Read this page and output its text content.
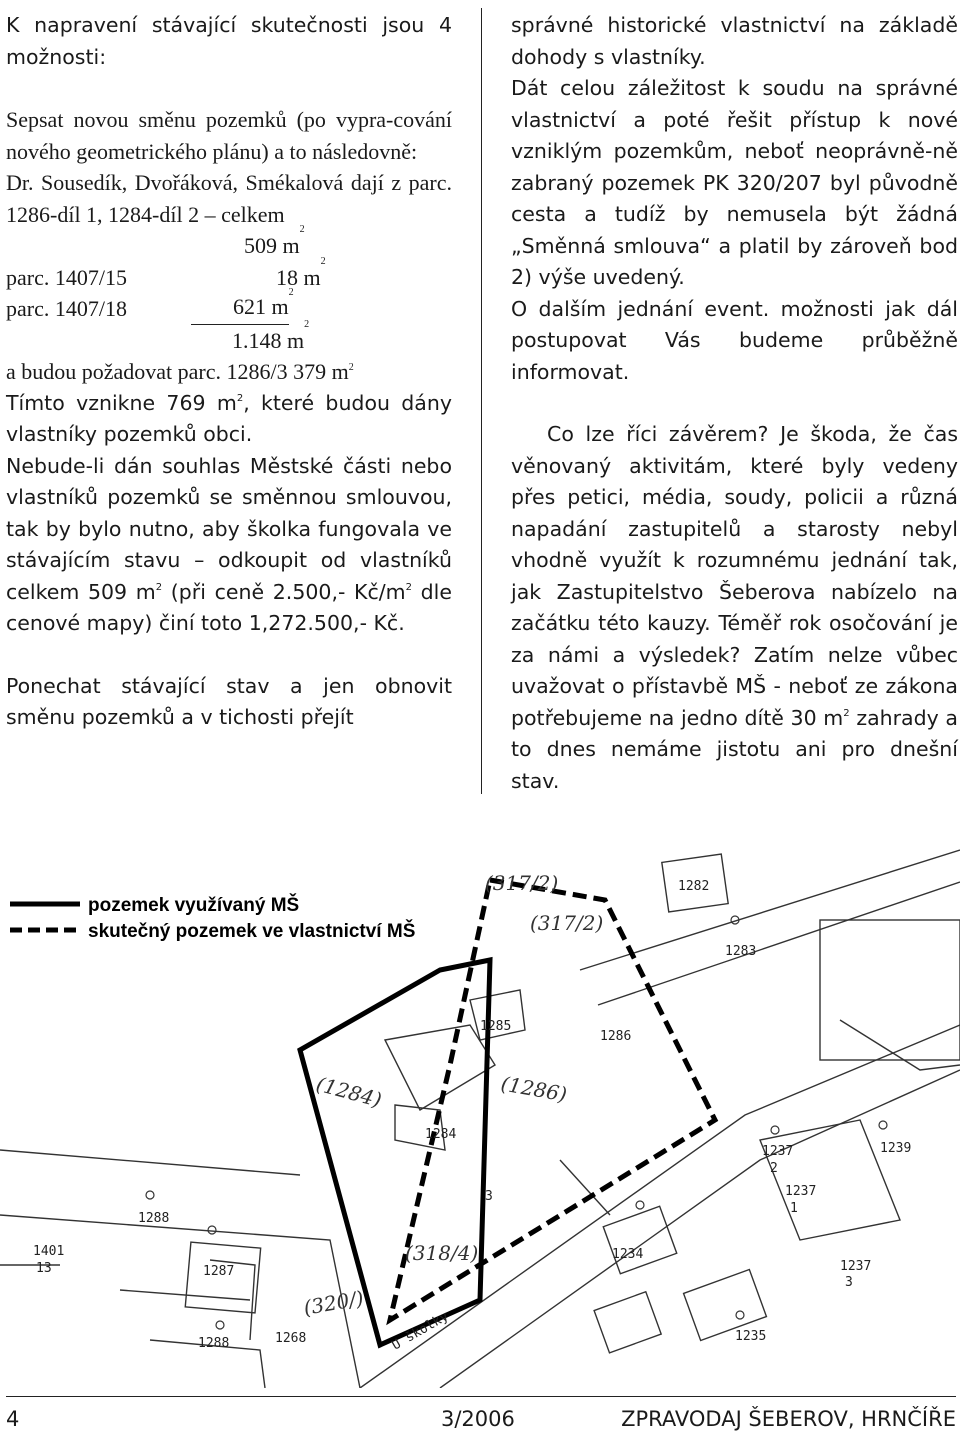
K napravení stávající skutečnosti jsou 4 možnosti:

Sepsat novou směnu pozemků (po vypra-cování nového geometrického plánu) a to následovně:

Dr. Sousedík, Dvořáková, Smékalová dají z parc. 1286-díl 1, 1284-díl 2 – celkem

509 m
2
parc. 1407/15	18 m
2
parc. 1407/18	621 m
2
1.148 m
2

a budou požadovat parc. 1286/3 379 $m^2$

Tímto vznikne 769 $m^2$, které budou dány vlastníky pozemků obci.

Nebude-li dán souhlas Městské části nebo vlastníků pozemků se směnnou smlouvou, tak by bylo nutno, aby školka fungovala ve stávajícím stavu – odkoupit od vlastníků celkem 509 $m^2$ (při ceně 2.500,- $Kč/m^2$ dle cenové mapy) činí toto 1,272.500,- Kč.

Ponechat stávající stav a jen obnovit směnu pozemků a v tichosti přejít

správné historické vlastnictví na základě dohody s vlastníky.

Dát celou záležitost k soudu na správné vlastnictví a poté řešit přístup k nové vzniklým pozemkům, neboť neoprávně-ně zabraný pozemek PK 320/207 byl původně cesta a tudíž by nemusela být žádná „Směnná smlouva“ a platil by zároveň bod 2) výše uvedený.

O dalším jednání event. možnosti jak dál postupovat Vás budeme průběžně informovat.

Co lze říci závěrem? Je škoda, že čas věnovaný aktivitám, které byly vedeny přes petici, média, soudy, policii a různá napadání zastupitelů a starosty nebyl vhodně využít k rozumnému jednání tak, jak Zastupitelstvo Šeberova nabízelo na začátku této kauzy. Téměř rok osočování je za námi a výsledek? Zatím nelze vůbec uvažovat o přístavbě MŠ - neboť ze zákona potřebujeme na jedno dítě 30 $m^2$ zahrady a to dnes nemáme jistotu ani pro dnešní stav.

pozemek využívaný MŠ
skutečný pozemek ve vlastnictví MŠ
1282
1283
1285
1286
1284
1288
1287
1288	1268
1401
13
1237
2
1239
1237
1
1234
1237
3
1235
3
U školky
(317/2)
(317/2)
(1284)	(1286)
(318/4)
(320/)
4	3/2006	ZPRAVODAJ ŠEBEROV, HRNČÍŘE
